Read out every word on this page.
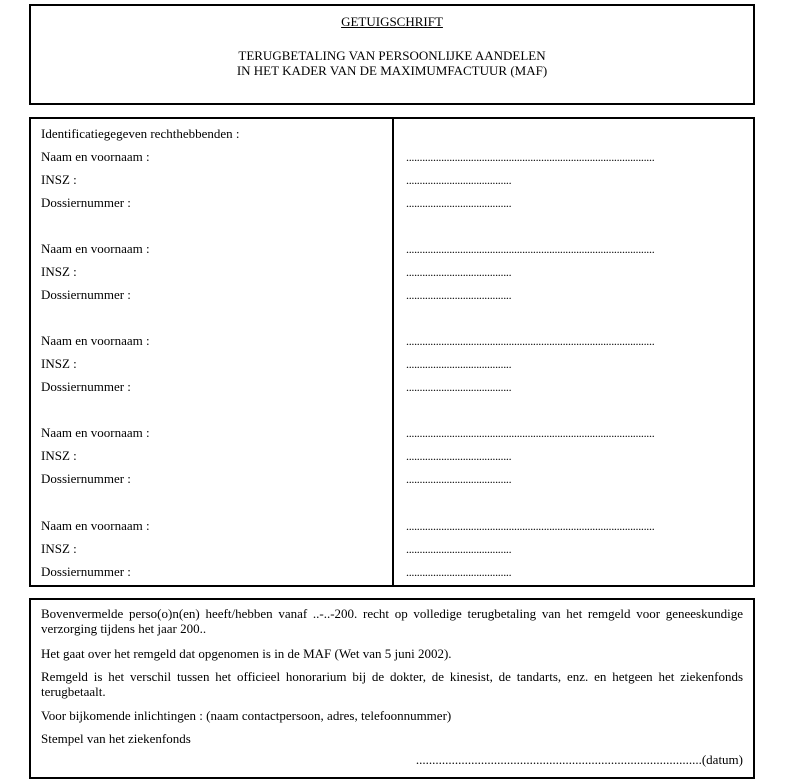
GETUIGSCHRIFT
TERUGBETALING VAN PERSOONLIJKE AANDELEN
IN HET KADER VAN DE MAXIMUMFACTUUR (MAF)
Identificatiegegeven rechthebbenden :
Naam en voornaam :	............................................................................................
INSZ :	.......................................
Dossiernummer :	.......................................
Naam en voornaam :	............................................................................................
INSZ :	.......................................
Dossiernummer :	.......................................
Naam en voornaam :	............................................................................................
INSZ :	.......................................
Dossiernummer :	.......................................
Naam en voornaam :	............................................................................................
INSZ :	.......................................
Dossiernummer :	.......................................
Naam en voornaam :	............................................................................................
INSZ :	.......................................
Dossiernummer :	.......................................
Bovenvermelde perso(o)n(en) heeft/hebben vanaf ..-..-200. recht op volledige terugbetaling van het remgeld voor geneeskundige verzorging tijdens het jaar 200..
Het gaat over het remgeld dat opgenomen is in de MAF (Wet van 5 juni 2002).
Remgeld is het verschil tussen het officieel honorarium bij de dokter, de kinesist, de tandarts, enz. en hetgeen het ziekenfonds terugbetaalt.
Voor bijkomende inlichtingen : (naam contactpersoon, adres, telefoonnummer)
Stempel van het ziekenfonds
........................................................................................(datum)
